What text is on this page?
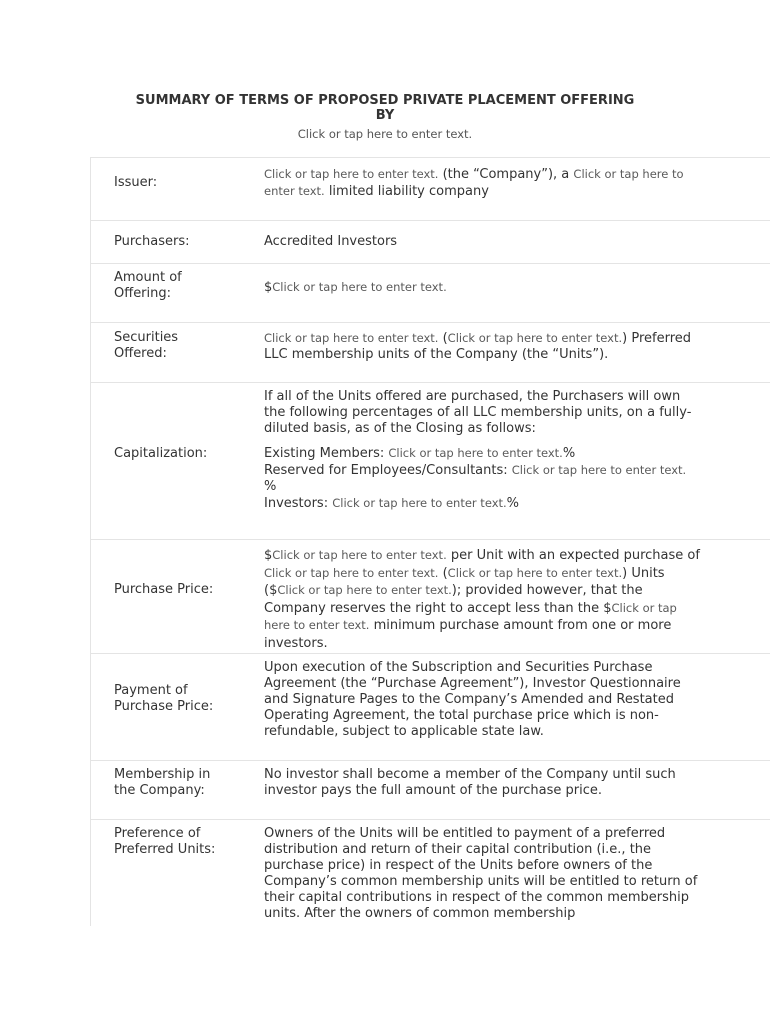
SUMMARY OF TERMS OF PROPOSED PRIVATE PLACEMENT OFFERING
BY
Click or tap here to enter text.
Issuer:
Click or tap here to enter text. (the “Company”), a Click or tap here to enter text. limited liability company
Purchasers:	Accredited Investors
Amount of Offering:	$Click or tap here to enter text.
Securities Offered:
Click or tap here to enter text. (Click or tap here to enter text.) Preferred LLC membership units of the Company (the “Units”).
Capitalization:
If all of the Units offered are purchased, the Purchasers will own the following percentages of all LLC membership units, on a fully-diluted basis, as of the Closing as follows:
Existing Members: Click or tap here to enter text.%
Reserved for Employees/Consultants: Click or tap here to enter text.
%
Investors: Click or tap here to enter text.%
Purchase Price:
$Click or tap here to enter text. per Unit with an expected purchase of Click or tap here to enter text. (Click or tap here to enter text.) Units ($Click or tap here to enter text.); provided however, that the Company reserves the right to accept less than the $Click or tap here to enter text. minimum purchase amount from one or more investors.
Payment of Purchase Price:
Upon execution of the Subscription and Securities Purchase Agreement (the “Purchase Agreement”), Investor Questionnaire and Signature Pages to the Company’s Amended and Restated Operating Agreement, the total purchase price which is non-refundable, subject to applicable state law.
Membership in the Company:
No investor shall become a member of the Company until such investor pays the full amount of the purchase price.
Preference of Preferred Units:
Owners of the Units will be entitled to payment of a preferred distribution and return of their capital contribution (i.e., the purchase price) in respect of the Units before owners of the Company’s common membership units will be entitled to return of their capital contributions in respect of the common membership units. After the owners of common membership
